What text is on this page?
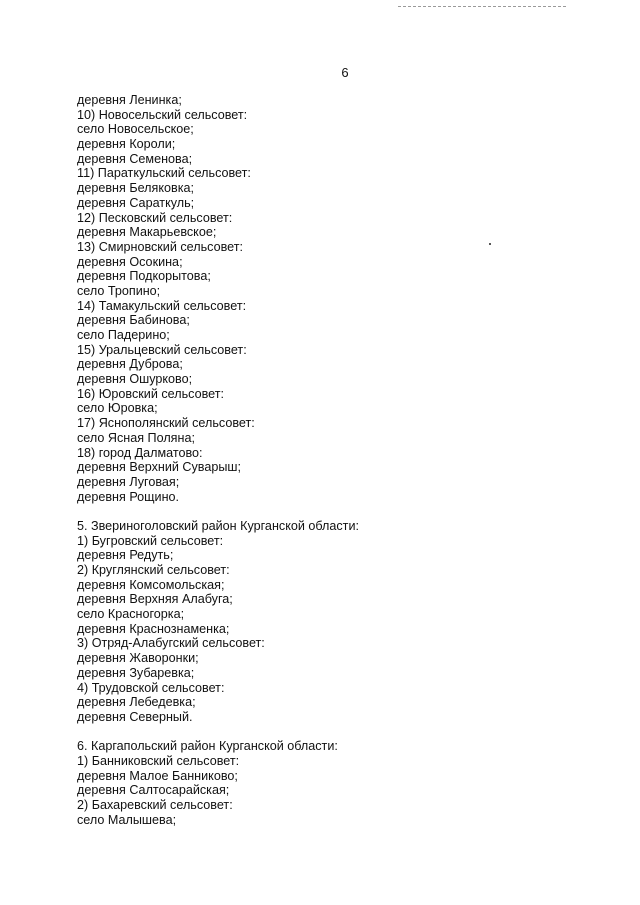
6
деревня Ленинка;
10) Новосельский сельсовет:
село Новосельское;
деревня Короли;
деревня Семенова;
11) Параткульский сельсовет:
деревня Беляковка;
деревня Сараткуль;
12) Песковский сельсовет:
деревня Макарьевское;
13) Смирновский сельсовет:
деревня Осокина;
деревня Подкорытова;
село Тропино;
14) Тамакульский сельсовет:
деревня Бабинова;
село Падерино;
15) Уральцевский сельсовет:
деревня Дуброва;
деревня Ошурково;
16) Юровский сельсовет:
село Юровка;
17) Яснополянский сельсовет:
село Ясная Поляна;
18) город Далматово:
деревня Верхний Суварыш;
деревня Луговая;
деревня Рощино.
5. Звериноголовский район Курганской области:
1) Бугровский сельсовет:
деревня Редуть;
2) Круглянский сельсовет:
деревня Комсомольская;
деревня Верхняя Алабуга;
село Красногорка;
деревня Краснознаменка;
3) Отряд-Алабугский сельсовет:
деревня Жаворонки;
деревня Зубаревка;
4) Трудовской сельсовет:
деревня Лебедевка;
деревня Северный.
6. Каргапольский район Курганской области:
1) Банниковский сельсовет:
деревня Малое Банниково;
деревня Салтосарайская;
2) Бахаревский сельсовет:
село Малышева;
